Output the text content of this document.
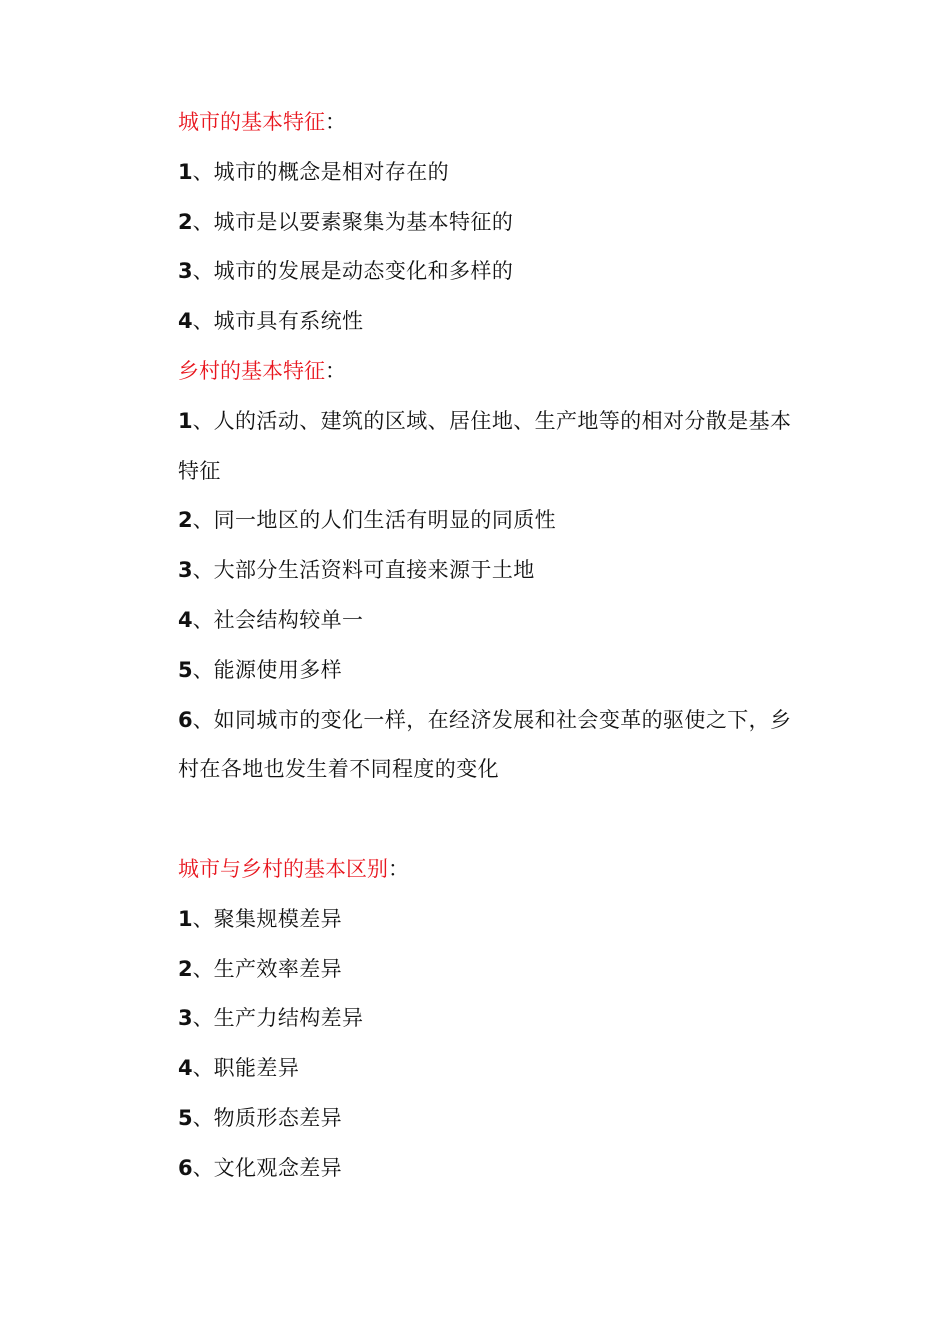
城市的基本特征：

1、城市的概念是相对存在的

2、城市是以要素聚集为基本特征的

3、城市的发展是动态变化和多样的

4、城市具有系统性

乡村的基本特征：

1、人的活动、建筑的区域、居住地、生产地等的相对分散是基本

特征

2、同一地区的人们生活有明显的同质性

3、大部分生活资料可直接来源于土地

4、社会结构较单一

5、能源使用多样

6、如同城市的变化一样，在经济发展和社会变革的驱使之下，乡

村在各地也发生着不同程度的变化

城市与乡村的基本区别：

1、聚集规模差异

2、生产效率差异

3、生产力结构差异

4、职能差异

5、物质形态差异

6、文化观念差异
